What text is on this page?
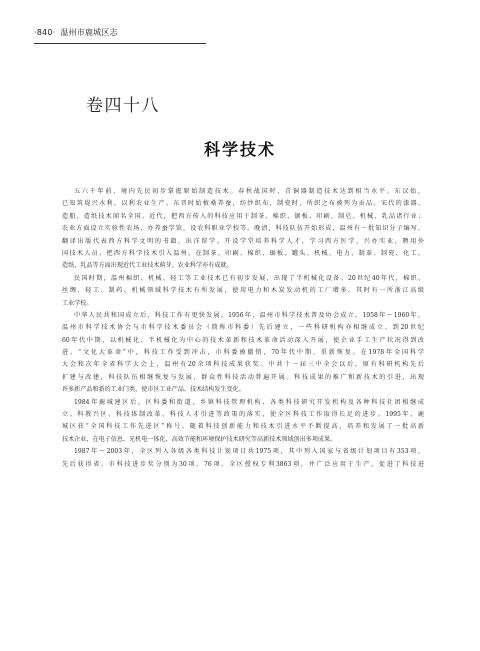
·840· 温州市鹿城区志
卷四十八
科学技术
五六千年前，境内先民初步掌握原始制造技术。春秋战国时，青铜器制造技术达到相当水平。东汉始，
已知筑堤兴水利，以利农业生产。东晋时始植桑养蚕，纺纱织布，制瓷时，所织之布被列为贡品。宋代的漆器、
造船、造纸技术闻名全国。近代，把西方传入的科技应用于制茶、棉织、锯板、印刷、制皂、机械、乳品诸行业；
农业方面设立实验性农场，办养蚕学馆，设农科职业学校等。晚清，科技队伍开始形成，温州有一批知识分子编写、
翻译出版代表西方科学文明的书籍，出洋留学。开设学堂培养科学人才，学习西方医学，兴办实业，聘用外
国技术人员，把西方科学技术引入温州。在制茶、印刷、棉织、锯板、罐头、机械、电力、制革、制瓷、化工、
造纸、乳品等方面出现近代工业技术萌芽。农业科学亦有成就。
民国时期，温州棉织、机械、轻工等工业技术已有初步发展，出现了半机械化设备。20世纪40年代，棉织、
丝绸、轻工、制药、机械领域科学技术有所发展，使用电力和木炭发动机的工厂增多。其时有一所浙江高级
工业学校。
中华人民共和国成立后，科技工作有更快发展。1956年，温州市科学技术普及协会成立。1958年～1960年，
温州市科学技术协会与市科学技术委员会（简称市科委）先后建立，一些科研机构亦相继成立。到20世纪
60年代中期，以机械化、半机械化为中心的技术革新和技术革命活动深入开展，使企业手工生产状况得到改
进。“文化大革命”中，科技工作受到冲击，市科委被撤销，70年代中期，重新恢复。在1978年全国科学
大会和次年全省科学大会上，温州有20余项科技成果获奖。中共十一届三中全会以后，原有科研机构先后
扩建与改建，科技队伍相继恢复与发展，群众性科技活动普遍开展。科技成果的推广和新技术的引进，出现
许多新产品和新的工业门类，使市区工业产品、技术结构发生变化。
1984年鹿城建区后，区科委和街道、乡镇科技管理机构、各类科技研究开发机构及各种科技社团相继成
立。科教兴区、科技体制改革、科技人才引进等政策的落实，使全区科技工作取得长足的进步。1995年，鹿
城区获“全国科技工作先进区”称号。随着科技创新能力和技术引进水平不断提高，培养和发展了一批高新
技术企业，在电子信息、光机电一体化、高效节能和环境保护技术研究等高新技术领域创出多项成果。
1987年～2003年，全区列入各级各类科技计划项目共1975项，其中列入国家与省级计划项目有353项，
先后获得省、市科技进步奖分别为30项、76项。全区授权专利3863项，并广泛应用于生产，促进了科技进
